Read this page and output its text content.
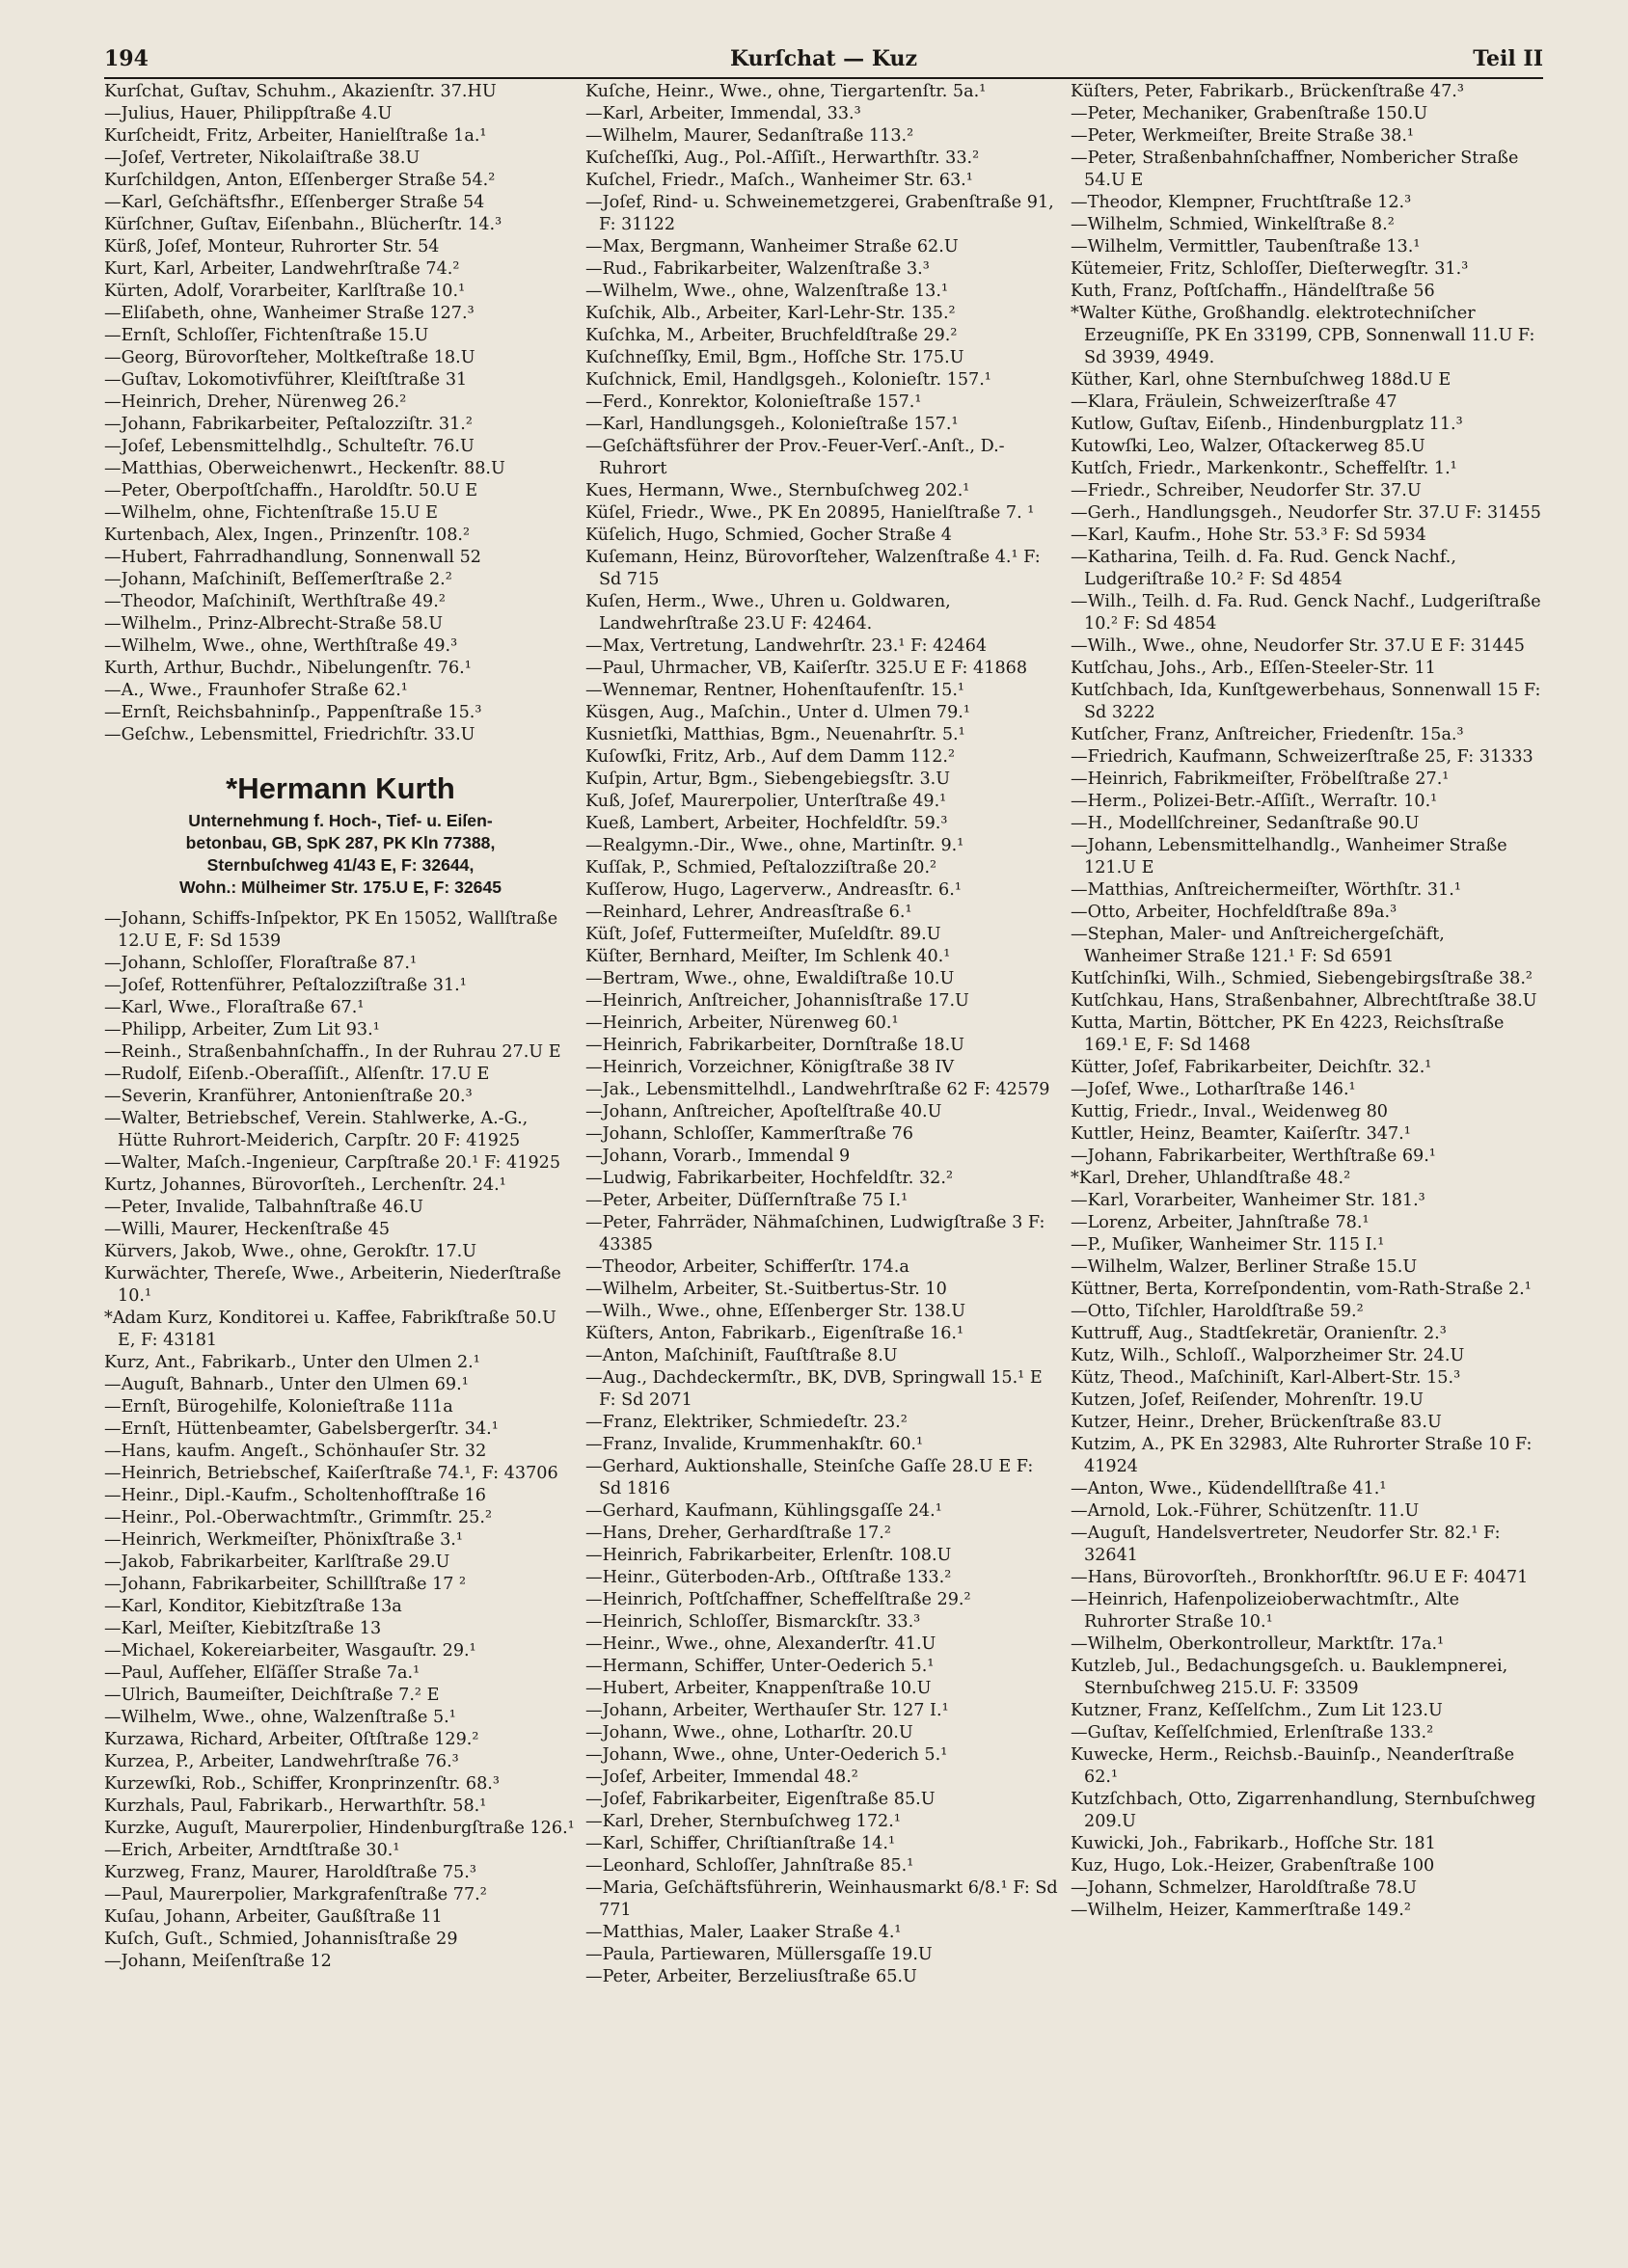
194	Kurſchat — Kuz	Teil II
Kurſchat, Guſtav, Schuhm., Akazienſtr. 37.HU
—Julius, Hauer, Philippſtraße 4.U
Kurſcheidt, Fritz, Arbeiter, Hanielſtraße 1a.¹
—Joſef, Vertreter, Nikolaiſtraße 38.U
Kurſchildgen, Anton, Eſſenberger Straße 54.²
—Karl, Geſchäftsfhr., Eſſenberger Straße 54
Kürſchner, Guſtav, Eiſenbahn., Blücherſtr. 14.³
Kürß, Joſef, Monteur, Ruhrorter Str. 54
Kurt, Karl, Arbeiter, Landwehrſtraße 74.²
Kürten, Adolf, Vorarbeiter, Karlſtraße 10.¹
—Eliſabeth, ohne, Wanheimer Straße 127.³
—Ernſt, Schloſſer, Fichtenſtraße 15.U
—Georg, Bürovorſteher, Moltkeſtraße 18.U
—Guſtav, Lokomotivführer, Kleiſtſtraße 31
—Heinrich, Dreher, Nürenweg 26.²
—Johann, Fabrikarbeiter, Peſtalozziſtr. 31.²
—Joſef, Lebensmittelhdlg., Schulteſtr. 76.U
—Matthias, Oberweichenwrt., Heckenſtr. 88.U
—Peter, Oberpoſtſchaffn., Haroldſtr. 50.U E
—Wilhelm, ohne, Fichtenſtraße 15.U E
Kurtenbach, Alex, Ingen., Prinzenſtr. 108.²
—Hubert, Fahrradhandlung, Sonnenwall 52
—Johann, Maſchiniſt, Beſſemerſtraße 2.²
—Theodor, Maſchiniſt, Werthſtraße 49.²
—Wilhelm., Prinz-Albrecht-Straße 58.U
—Wilhelm, Wwe., ohne, Werthſtraße 49.³
Kurth, Arthur, Buchdr., Nibelungenſtr. 76.¹
—A., Wwe., Fraunhofer Straße 62.¹
—Ernſt, Reichsbahninſp., Pappenſtraße 15.³
—Geſchw., Lebensmittel, Friedrichſtr. 33.U
*Hermann Kurth
Unternehmung f. Hoch-, Tief- u. Eiſen-
betonbau, GB, SpK 287, PK Kln 77388,
Sternbuſchweg 41/43 E, F: 32644,
Wohn.: Mülheimer Str. 175.U E, F: 32645
—Johann, Schiffs-Inſpektor, PK En 15052, Wallſtraße 12.U E, F: Sd 1539
—Johann, Schloſſer, Floraſtraße 87.¹
—Joſef, Rottenführer, Peſtalozziſtraße 31.¹
—Karl, Wwe., Floraſtraße 67.¹
—Philipp, Arbeiter, Zum Lit 93.¹
—Reinh., Straßenbahnſchaffn., In der Ruhrau 27.U E
—Rudolf, Eiſenb.-Oberaſſiſt., Alſenſtr. 17.U E
—Severin, Kranführer, Antonienſtraße 20.³
—Walter, Betriebschef, Verein. Stahlwerke, A.-G., Hütte Ruhrort-Meiderich, Carpſtr. 20 F: 41925
—Walter, Maſch.-Ingenieur, Carpſtraße 20.¹ F: 41925
Kurtz, Johannes, Bürovorſteh., Lerchenſtr. 24.¹
—Peter, Invalide, Talbahnſtraße 46.U
—Willi, Maurer, Heckenſtraße 45
Kürvers, Jakob, Wwe., ohne, Gerokſtr. 17.U
Kurwächter, Thereſe, Wwe., Arbeiterin, Niederſtraße 10.¹
*Adam Kurz, Konditorei u. Kaffee, Fabrikſtraße 50.U E, F: 43181
Kurz, Ant., Fabrikarb., Unter den Ulmen 2.¹
—Auguſt, Bahnarb., Unter den Ulmen 69.¹
—Ernſt, Bürogehilfe, Kolonieſtraße 111a
—Ernſt, Hüttenbeamter, Gabelsbergerſtr. 34.¹
—Hans, kaufm. Angeſt., Schönhauſer Str. 32
—Heinrich, Betriebschef, Kaiſerſtraße 74.¹, F: 43706
—Heinr., Dipl.-Kaufm., Scholtenhofſtraße 16
—Heinr., Pol.-Oberwachtmſtr., Grimmſtr. 25.²
—Heinrich, Werkmeiſter, Phönixſtraße 3.¹
—Jakob, Fabrikarbeiter, Karlſtraße 29.U
—Johann, Fabrikarbeiter, Schillſtraße 17 ²
—Karl, Konditor, Kiebitzſtraße 13a
—Karl, Meiſter, Kiebitzſtraße 13
—Michael, Kokereiarbeiter, Wasgauſtr. 29.¹
—Paul, Aufſeher, Elſäſſer Straße 7a.¹
—Ulrich, Baumeiſter, Deichſtraße 7.² E
—Wilhelm, Wwe., ohne, Walzenſtraße 5.¹
Kurzawa, Richard, Arbeiter, Oſtſtraße 129.²
Kurzea, P., Arbeiter, Landwehrſtraße 76.³
Kurzewſki, Rob., Schiffer, Kronprinzenſtr. 68.³
Kurzhals, Paul, Fabrikarb., Herwarthſtr. 58.¹
Kurzke, Auguſt, Maurerpolier, Hindenburgſtraße 126.¹
—Erich, Arbeiter, Arndtſtraße 30.¹
Kurzweg, Franz, Maurer, Haroldſtraße 75.³
—Paul, Maurerpolier, Markgrafenſtraße 77.²
Kuſau, Johann, Arbeiter, Gaußſtraße 11
Kuſch, Guſt., Schmied, Johannisſtraße 29
—Johann, Meiſenſtraße 12
Kuſche, Heinr., Wwe., ohne, Tiergartenſtr. 5a.¹
—Karl, Arbeiter, Immendal, 33.³
—Wilhelm, Maurer, Sedanſtraße 113.²
Kuſcheſſki, Aug., Pol.-Aſſiſt., Herwarthſtr. 33.²
Kuſchel, Friedr., Maſch., Wanheimer Str. 63.¹
—Joſef, Rind- u. Schweinemetzgerei, Grabenſtraße 91, F: 31122
—Max, Bergmann, Wanheimer Straße 62.U
—Rud., Fabrikarbeiter, Walzenſtraße 3.³
—Wilhelm, Wwe., ohne, Walzenſtraße 13.¹
Kuſchik, Alb., Arbeiter, Karl-Lehr-Str. 135.²
Kuſchka, M., Arbeiter, Bruchfeldſtraße 29.²
Kuſchneſſky, Emil, Bgm., Hofſche Str. 175.U
Kuſchnick, Emil, Handlgsgeh., Kolonieſtr. 157.¹
—Ferd., Konrektor, Kolonieſtraße 157.¹
—Karl, Handlungsgeh., Kolonieſtraße 157.¹
—Geſchäftsführer der Prov.-Feuer-Verſ.-Anſt., D.-Ruhrort
Kues, Hermann, Wwe., Sternbuſchweg 202.¹
Küſel, Friedr., Wwe., PK En 20895, Hanielſtraße 7. ¹
Küſelich, Hugo, Schmied, Gocher Straße 4
Kuſemann, Heinz, Bürovorſteher, Walzenſtraße 4.¹ F: Sd 715
Kuſen, Herm., Wwe., Uhren u. Goldwaren, Landwehrſtraße 23.U F: 42464.
—Max, Vertretung, Landwehrſtr. 23.¹ F: 42464
—Paul, Uhrmacher, VB, Kaiſerſtr. 325.U E F: 41868
—Wennemar, Rentner, Hohenſtaufenſtr. 15.¹
Küsgen, Aug., Maſchin., Unter d. Ulmen 79.¹
Kusnietſki, Matthias, Bgm., Neuenahrſtr. 5.¹
Kuſowſki, Fritz, Arb., Auf dem Damm 112.²
Kuſpin, Artur, Bgm., Siebengebiegsſtr. 3.U
Kuß, Joſef, Maurerpolier, Unterſtraße 49.¹
Kueß, Lambert, Arbeiter, Hochfeldſtr. 59.³
—Realgymn.-Dir., Wwe., ohne, Martinſtr. 9.¹
Kuſſak, P., Schmied, Peſtalozziſtraße 20.²
Kuſſerow, Hugo, Lagerverw., Andreasſtr. 6.¹
—Reinhard, Lehrer, Andreasſtraße 6.¹
Küſt, Joſef, Futtermeiſter, Muſeldſtr. 89.U
Küſter, Bernhard, Meiſter, Im Schlenk 40.¹
—Bertram, Wwe., ohne, Ewaldiſtraße 10.U
—Heinrich, Anſtreicher, Johannisſtraße 17.U
—Heinrich, Arbeiter, Nürenweg 60.¹
—Heinrich, Fabrikarbeiter, Dornſtraße 18.U
—Heinrich, Vorzeichner, Königſtraße 38 IV
—Jak., Lebensmittelhdl., Landwehrſtraße 62 F: 42579
—Johann, Anſtreicher, Apoſtelſtraße 40.U
—Johann, Schloſſer, Kammerſtraße 76
—Johann, Vorarb., Immendal 9
—Ludwig, Fabrikarbeiter, Hochfeldſtr. 32.²
—Peter, Arbeiter, Düſſernſtraße 75 I.¹
—Peter, Fahrräder, Nähmaſchinen, Ludwigſtraße 3 F: 43385
—Theodor, Arbeiter, Schifferſtr. 174.a
—Wilhelm, Arbeiter, St.-Suitbertus-Str. 10
—Wilh., Wwe., ohne, Eſſenberger Str. 138.U
Küſters, Anton, Fabrikarb., Eigenſtraße 16.¹
—Anton, Maſchiniſt, Fauſtſtraße 8.U
—Aug., Dachdeckermſtr., BK, DVB, Springwall 15.¹ E F: Sd 2071
—Franz, Elektriker, Schmiedeſtr. 23.²
—Franz, Invalide, Krummenhakſtr. 60.¹
—Gerhard, Auktionshalle, Steinſche Gaſſe 28.U E F: Sd 1816
—Gerhard, Kaufmann, Kühlingsgaſſe 24.¹
—Hans, Dreher, Gerhardſtraße 17.²
—Heinrich, Fabrikarbeiter, Erlenſtr. 108.U
—Heinr., Güterboden-Arb., Oſtſtraße 133.²
—Heinrich, Poſtſchaffner, Scheffelſtraße 29.²
—Heinrich, Schloſſer, Bismarckſtr. 33.³
—Heinr., Wwe., ohne, Alexanderſtr. 41.U
—Hermann, Schiffer, Unter-Oederich 5.¹
—Hubert, Arbeiter, Knappenſtraße 10.U
—Johann, Arbeiter, Werthauſer Str. 127 I.¹
—Johann, Wwe., ohne, Lotharſtr. 20.U
—Johann, Wwe., ohne, Unter-Oederich 5.¹
—Joſef, Arbeiter, Immendal 48.²
—Joſef, Fabrikarbeiter, Eigenſtraße 85.U
—Karl, Dreher, Sternbuſchweg 172.¹
—Karl, Schiffer, Chriſtianſtraße 14.¹
—Leonhard, Schloſſer, Jahnſtraße 85.¹
—Maria, Geſchäftsführerin, Weinhausmarkt 6/8.¹ F: Sd 771
—Matthias, Maler, Laaker Straße 4.¹
—Paula, Partiewaren, Müllersgaſſe 19.U
—Peter, Arbeiter, Berzeliusſtraße 65.U
Küſters, Peter, Fabrikarb., Brückenſtraße 47.³
—Peter, Mechaniker, Grabenſtraße 150.U
—Peter, Werkmeiſter, Breite Straße 38.¹
—Peter, Straßenbahnſchaffner, Nombericher Straße 54.U E
—Theodor, Klempner, Fruchtſtraße 12.³
—Wilhelm, Schmied, Winkelſtraße 8.²
—Wilhelm, Vermittler, Taubenſtraße 13.¹
Kütemeier, Fritz, Schloſſer, Dieſterwegſtr. 31.³
Kuth, Franz, Poſtſchaffn., Händelſtraße 56
*Walter Küthe, Großhandlg. elektrotechniſcher Erzeugniſſe, PK En 33199, CPB, Sonnenwall 11.U F: Sd 3939, 4949.
Küther, Karl, ohne Sternbuſchweg 188d.U E
—Klara, Fräulein, Schweizerſtraße 47
Kutlow, Guſtav, Eiſenb., Hindenburgplatz 11.³
Kutowſki, Leo, Walzer, Oſtackerweg 85.U
Kutſch, Friedr., Markenkontr., Scheffelſtr. 1.¹
—Friedr., Schreiber, Neudorfer Str. 37.U
—Gerh., Handlungsgeh., Neudorfer Str. 37.U F: 31455
—Karl, Kaufm., Hohe Str. 53.³ F: Sd 5934
—Katharina, Teilh. d. Fa. Rud. Genck Nachf., Ludgeriſtraße 10.² F: Sd 4854
—Wilh., Teilh. d. Fa. Rud. Genck Nachf., Ludgeriſtraße 10.² F: Sd 4854
—Wilh., Wwe., ohne, Neudorfer Str. 37.U E F: 31445
Kutſchau, Johs., Arb., Eſſen-Steeler-Str. 11
Kutſchbach, Ida, Kunſtgewerbehaus, Sonnenwall 15 F: Sd 3222
Kutſcher, Franz, Anſtreicher, Friedenſtr. 15a.³
—Friedrich, Kaufmann, Schweizerſtraße 25, F: 31333
—Heinrich, Fabrikmeiſter, Fröbelſtraße 27.¹
—Herm., Polizei-Betr.-Aſſiſt., Werraſtr. 10.¹
—H., Modellſchreiner, Sedanſtraße 90.U
—Johann, Lebensmittelhandlg., Wanheimer Straße 121.U E
—Matthias, Anſtreichermeiſter, Wörthſtr. 31.¹
—Otto, Arbeiter, Hochfeldſtraße 89a.³
—Stephan, Maler- und Anſtreichergeſchäft, Wanheimer Straße 121.¹ F: Sd 6591
Kutſchinſki, Wilh., Schmied, Siebengebirgsſtraße 38.²
Kutſchkau, Hans, Straßenbahner, Albrechtſtraße 38.U
Kutta, Martin, Böttcher, PK En 4223, Reichsſtraße 169.¹ E, F: Sd 1468
Kütter, Joſef, Fabrikarbeiter, Deichſtr. 32.¹
—Joſef, Wwe., Lotharſtraße 146.¹
Kuttig, Friedr., Inval., Weidenweg 80
Kuttler, Heinz, Beamter, Kaiſerſtr. 347.¹
—Johann, Fabrikarbeiter, Werthſtraße 69.¹
*Karl, Dreher, Uhlandſtraße 48.²
—Karl, Vorarbeiter, Wanheimer Str. 181.³
—Lorenz, Arbeiter, Jahnſtraße 78.¹
—P., Muſiker, Wanheimer Str. 115 I.¹
—Wilhelm, Walzer, Berliner Straße 15.U
Küttner, Berta, Korreſpondentin, vom-Rath-Straße 2.¹
—Otto, Tiſchler, Haroldſtraße 59.²
Kuttruff, Aug., Stadtſekretär, Oranienſtr. 2.³
Kutz, Wilh., Schloſſ., Walporzheimer Str. 24.U
Kütz, Theod., Maſchiniſt, Karl-Albert-Str. 15.³
Kutzen, Joſef, Reiſender, Mohrenſtr. 19.U
Kutzer, Heinr., Dreher, Brückenſtraße 83.U
Kutzim, A., PK En 32983, Alte Ruhrorter Straße 10 F: 41924
—Anton, Wwe., Küdendellſtraße 41.¹
—Arnold, Lok.-Führer, Schützenſtr. 11.U
—Auguſt, Handelsvertreter, Neudorfer Str. 82.¹ F: 32641
—Hans, Bürovorſteh., Bronkhorſtſtr. 96.U E F: 40471
—Heinrich, Hafenpolizeioberwachtmſtr., Alte Ruhrorter Straße 10.¹
—Wilhelm, Oberkontrolleur, Marktſtr. 17a.¹
Kutzleb, Jul., Bedachungsgeſch. u. Bauklempnerei, Sternbuſchweg 215.U. F: 33509
Kutzner, Franz, Keſſelſchm., Zum Lit 123.U
—Guſtav, Keſſelſchmied, Erlenſtraße 133.²
Kuwecke, Herm., Reichsb.-Bauinſp., Neanderſtraße 62.¹
Kutzſchbach, Otto, Zigarrenhandlung, Sternbuſchweg 209.U
Kuwicki, Joh., Fabrikarb., Hofſche Str. 181
Kuz, Hugo, Lok.-Heizer, Grabenſtraße 100
—Johann, Schmelzer, Haroldſtraße 78.U
—Wilhelm, Heizer, Kammerſtraße 149.²
